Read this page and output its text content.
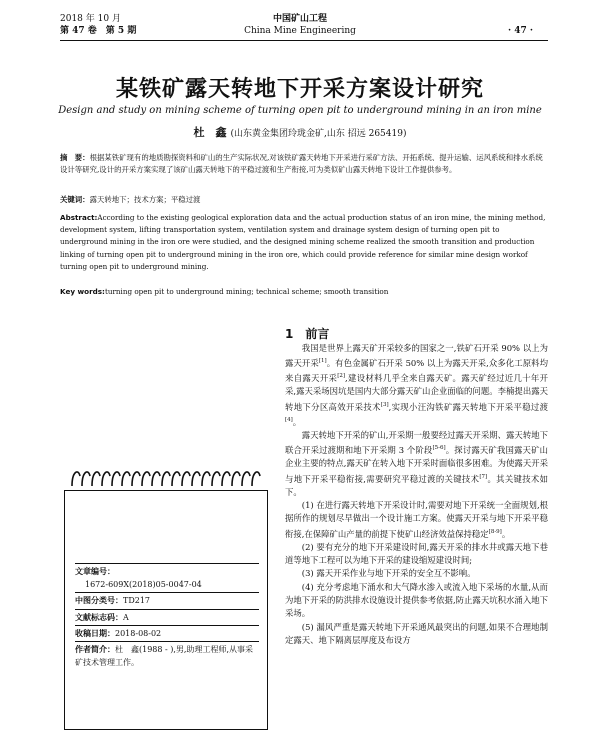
2018 年 10 月
第 47 卷　第 5 期
中国矿山工程
China Mine Engineering	· 47 ·
某铁矿露天转地下开采方案设计研究
Design and study on mining scheme of turning open pit to underground mining in an iron mine
杜　鑫 (山东黄金集团玲珑金矿,山东 招远 265419)
摘　要：根据某铁矿现有的地质勘探资料和矿山的生产实际状况,对该铁矿露天转地下开采进行采矿方法、开拓系统、提升运输、运风系统和排水系统设计等研究,设计的开采方案实现了该矿山露天转地下的平稳过渡和生产衔接,可为类似矿山露天转地下设计工作提供参考。
关键词：露天转地下；技术方案；平稳过渡
Abstract:According to the existing geological exploration data and the actual production status of an iron mine, the mining method, development system, lifting transportation system, ventilation system and drainage system design of turning open pit to underground mining in the iron ore were studied, and the designed mining scheme realized the smooth transition and production linking of turning open pit to underground mining in the iron ore, which could provide reference for similar mine design workof turning open pit to underground mining.
Key words:turning open pit to underground mining; technical scheme; smooth transition
1　前言

我国是世界上露天矿开采较多的国家之一,铁矿石开采 90% 以上为露天开采[1]。有色金属矿石开采 50% 以上为露天开采,众多化工原料均来自露天开采[2],建设材料几乎全来自露天矿。露天矿经过近几十年开采,露天采场因坑是国内大部分露天矿山企业面临的问题。李楠提出露天转地下分区高效开采技术[3],实现小汪沟铁矿露天转地下开采平稳过渡[4]。

露天转地下开采的矿山,开采期一般要经过露天开采期、露天转地下联合开采过渡期和地下开采期 3 个阶段[5-6]。探讨露天矿我国露天矿山企业主要的特点,露天矿在转入地下开采时面临很多困难。为使露天开采与地下开采平稳衔接,需要研究平稳过渡的关键技术[7]。其关键技术如下。

(1) 在进行露天转地下开采设计时,需要对地下开采统一全面规划,根据所作的规划尽早做出一个设计施工方案。使露天开采与地下开采平稳衔接,在保障矿山产量的前提下使矿山经济效益保持稳定[8-9]。

(2) 要有充分的地下开采建设时间,露天开采的排水井或露天地下巷道等地下工程可以为地下开采的建设缩短建设时间;

(3) 露天开采作业与地下开采的安全互不影响。

(4) 充分考虑地下涌水和大气降水渗入或流入地下采场的水量,从而为地下开采的防洪排水设施设计提供参考依据,防止露天坑积水涌入地下采场。

(5) 漏风严重是露天转地下开采通风最突出的问题,如果不合理地制定露天、地下隔离层厚度及布设方

文章编号：
1672-609X(2018)05-0047-04
中图分类号：TD217
文献标志码：A
收稿日期：2018-08-02
作者简介：杜　鑫(1988 - ),男,助理工程师,从事采矿技术管理工作。
